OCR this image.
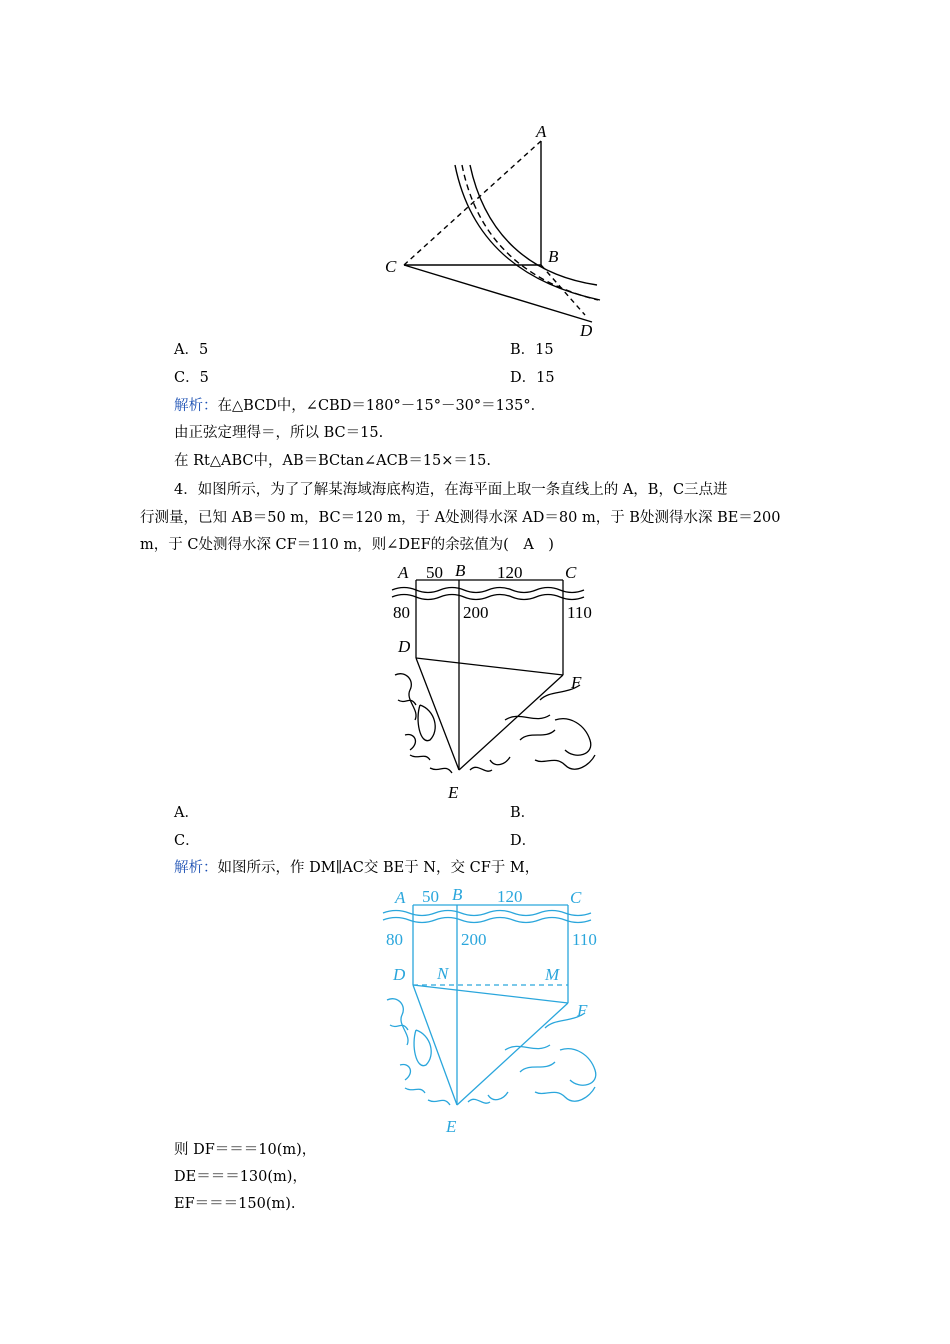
A
B
C
D
A．5	B．15
C．5	D．15
解析：在△BCD中，∠CBD＝180°－15°－30°＝135°．
由正弦定理得＝，所以 BC＝15.
在 Rt△ABC中，AB＝BCtan∠ACB＝15×＝15.
4．如图所示，为了了解某海域海底构造，在海平面上取一条直线上的 A，B，C三点进
行测量，已知 AB＝50 m，BC＝120 m，于 A处测得水深 AD＝80 m，于 B处测得水深 BE＝200
m，于 C处测得水深 CF＝110 m，则∠DEF的余弦值为(　A　)
A 50 B 120	C
80	200	110
D
F
E
A．	B．
C．	D．
解析：如图所示，作 DM∥AC交 BE于 N，交 CF于 M，
A 50 B 120	C
80	200	110
D N	M
F
E
则 DF＝＝＝10(m)，
DE＝＝＝130(m)，
EF＝＝＝150(m).
